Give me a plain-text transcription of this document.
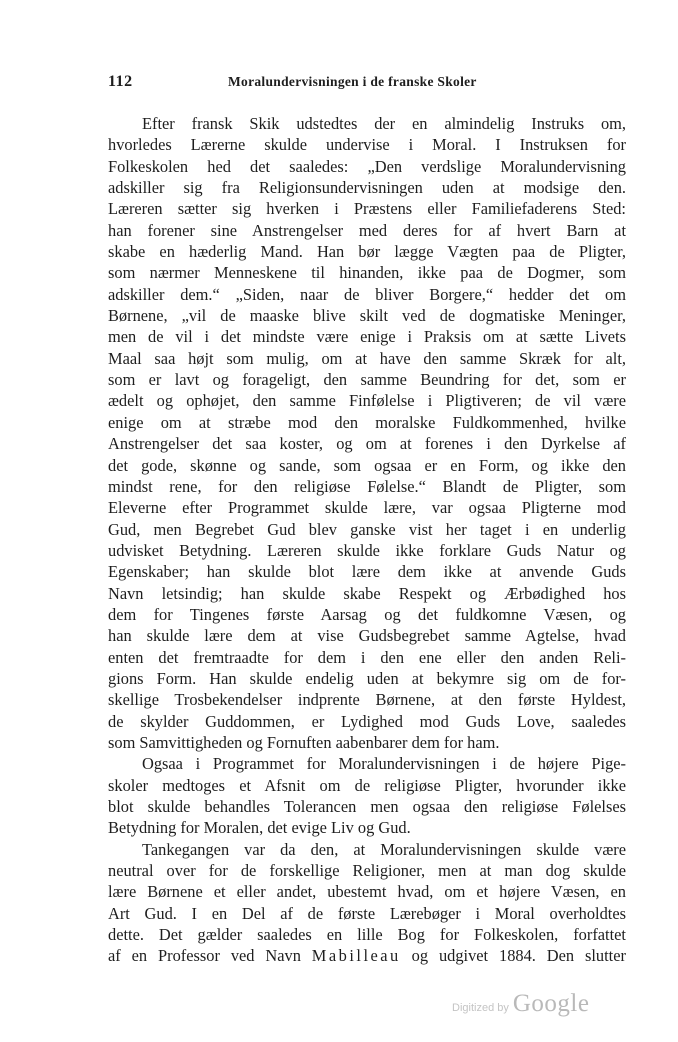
112	Moralundervisningen i de franske Skoler
Efter fransk Skik udstedtes der en almindelig Instruks om,
hvorledes Lærerne skulde undervise i Moral. I Instruksen for
Folkeskolen hed det saaledes: „Den verdslige Moralundervisning
adskiller sig fra Religionsundervisningen uden at modsige den.
Læreren sætter sig hverken i Præstens eller Familiefaderens Sted:
han forener sine Anstrengelser med deres for af hvert Barn at
skabe en hæderlig Mand. Han bør lægge Vægten paa de Pligter,
som nærmer Menneskene til hinanden, ikke paa de Dogmer, som
adskiller dem.“ „Siden, naar de bliver Borgere,“ hedder det om
Børnene, „vil de maaske blive skilt ved de dogmatiske Meninger,
men de vil i det mindste være enige i Praksis om at sætte Livets
Maal saa højt som mulig, om at have den samme Skræk for alt,
som er lavt og forageligt, den samme Beundring for det, som er
ædelt og ophøjet, den samme Finfølelse i Pligtiveren; de vil være
enige om at stræbe mod den moralske Fuldkommenhed, hvilke
Anstrengelser det saa koster, og om at forenes i den Dyrkelse af
det gode, skønne og sande, som ogsaa er en Form, og ikke den
mindst rene, for den religiøse Følelse.“ Blandt de Pligter, som
Eleverne efter Programmet skulde lære, var ogsaa Pligterne mod
Gud, men Begrebet Gud blev ganske vist her taget i en underlig
udvisket Betydning. Læreren skulde ikke forklare Guds Natur og
Egenskaber; han skulde blot lære dem ikke at anvende Guds
Navn letsindig; han skulde skabe Respekt og Ærbødighed hos
dem for Tingenes første Aarsag og det fuldkomne Væsen, og
han skulde lære dem at vise Gudsbegrebet samme Agtelse, hvad
enten det fremtraadte for dem i den ene eller den anden Reli-
gions Form. Han skulde endelig uden at bekymre sig om de for-
skellige Trosbekendelser indprente Børnene, at den første Hyldest,
de skylder Guddommen, er Lydighed mod Guds Love, saaledes
som Samvittigheden og Fornuften aabenbarer dem for ham.
Ogsaa i Programmet for Moralundervisningen i de højere Pige-
skoler medtoges et Afsnit om de religiøse Pligter, hvorunder ikke
blot skulde behandles Tolerancen men ogsaa den religiøse Følelses
Betydning for Moralen, det evige Liv og Gud.
Tankegangen var da den, at Moralundervisningen skulde være
neutral over for de forskellige Religioner, men at man dog skulde
lære Børnene et eller andet, ubestemt hvad, om et højere Væsen, en
Art Gud. I en Del af de første Lærebøger i Moral overholdtes
dette. Det gælder saaledes en lille Bog for Folkeskolen, forfattet
af en Professor ved Navn Mabilleau og udgivet 1884. Den slutter
Digitized by Google
